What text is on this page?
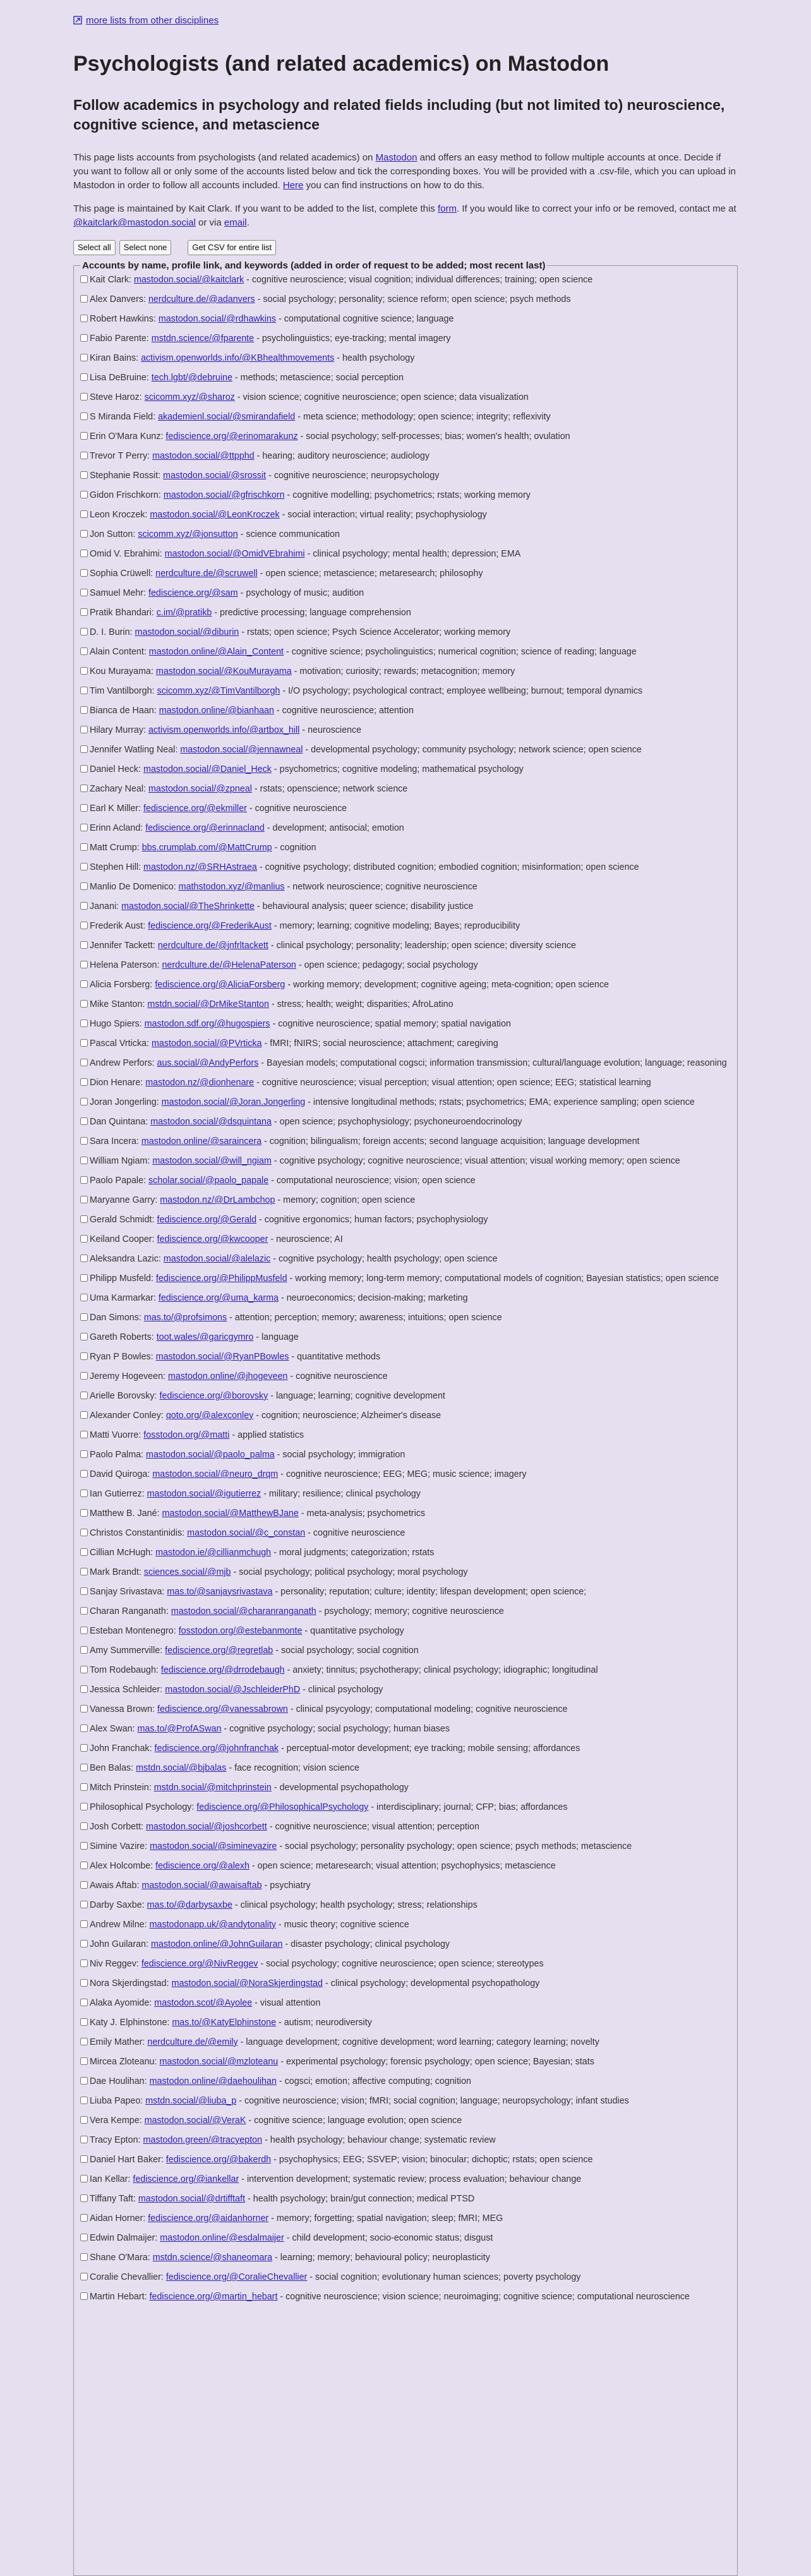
more lists from other disciplines
Psychologists (and related academics) on Mastodon
Follow academics in psychology and related fields including (but not limited to) neuroscience, cognitive science, and metascience

This page lists accounts from psychologists (and related academics) on Mastodon and offers an easy method to follow multiple accounts at once. Decide if you want to follow all or only some of the accounts listed below and tick the corresponding boxes. You will be provided with a .csv-file, which you can upload in Mastodon in order to follow all accounts included. Here you can find instructions on how to do this.

This page is maintained by Kait Clark. If you want to be added to the list, complete this form. If you would like to correct your info or be removed, contact me at @kaitclark@mastodon.social or via email.

Select all	Select none	Get CSV for entire list
Accounts by name, profile link, and keywords (added in order of request to be added; most recent last)
Kait Clark: mastodon.social/@kaitclark - cognitive neuroscience; visual cognition; individual differences; training; open science
Alex Danvers: nerdculture.de/@adanvers - social psychology; personality; science reform; open science; psych methods
Robert Hawkins: mastodon.social/@rdhawkins - computational cognitive science; language
Fabio Parente: mstdn.science/@fparente - psycholinguistics; eye-tracking; mental imagery
Kiran Bains: activism.openworlds.info/@KBhealthmovements - health psychology
Lisa DeBruine: tech.lgbt/@debruine - methods; metascience; social perception
Steve Haroz: scicomm.xyz/@sharoz - vision science; cognitive neuroscience; open science; data visualization
S Miranda Field: akademienl.social/@smirandafield - meta science; methodology; open science; integrity; reflexivity
Erin O'Mara Kunz: fediscience.org/@erinomarakunz - social psychology; self-processes; bias; women's health; ovulation
Trevor T Perry: mastodon.social/@ttpphd - hearing; auditory neuroscience; audiology
Stephanie Rossit: mastodon.social/@srossit - cognitive neuroscience; neuropsychology
Gidon Frischkorn: mastodon.social/@gfrischkorn - cognitive modelling; psychometrics; rstats; working memory
Leon Kroczek: mastodon.social/@LeonKroczek - social interaction; virtual reality; psychophysiology
Jon Sutton: scicomm.xyz/@jonsutton - science communication
Omid V. Ebrahimi: mastodon.social/@OmidVEbrahimi - clinical psychology; mental health; depression; EMA
Sophia Crüwell: nerdculture.de/@scruwell - open science; metascience; metaresearch; philosophy
Samuel Mehr: fediscience.org/@sam - psychology of music; audition
Pratik Bhandari: c.im/@pratikb - predictive processing; language comprehension
D. I. Burin: mastodon.social/@diburin - rstats; open science; Psych Science Accelerator; working memory
Alain Content: mastodon.online/@Alain_Content - cognitive science; psycholinguistics; numerical cognition; science of reading; language
Kou Murayama: mastodon.social/@KouMurayama - motivation; curiosity; rewards; metacognition; memory
Tim Vantilborgh: scicomm.xyz/@TimVantilborgh - I/O psychology; psychological contract; employee wellbeing; burnout; temporal dynamics
Bianca de Haan: mastodon.online/@bianhaan - cognitive neuroscience; attention
Hilary Murray: activism.openworlds.info/@artbox_hill - neuroscience
Jennifer Watling Neal: mastodon.social/@jennawneal - developmental psychology; community psychology; network science; open science
Daniel Heck: mastodon.social/@Daniel_Heck - psychometrics; cognitive modeling; mathematical psychology
Zachary Neal: mastodon.social/@zpneal - rstats; openscience; network science
Earl K Miller: fediscience.org/@ekmiller - cognitive neuroscience
Erinn Acland: fediscience.org/@erinnacland - development; antisocial; emotion
Matt Crump: bbs.crumplab.com/@MattCrump - cognition
Stephen Hill: mastodon.nz/@SRHAstraea - cognitive psychology; distributed cognition; embodied cognition; misinformation; open science
Manlio De Domenico: mathstodon.xyz/@manlius - network neuroscience; cognitive neuroscience
Janani: mastodon.social/@TheShrinkette - behavioural analysis; queer science; disability justice
Frederik Aust: fediscience.org/@FrederikAust - memory; learning; cognitive modeling; Bayes; reproducibility
Jennifer Tackett: nerdculture.de/@jnfrltackett - clinical psychology; personality; leadership; open science; diversity science
Helena Paterson: nerdculture.de/@HelenaPaterson - open science; pedagogy; social psychology
Alicia Forsberg: fediscience.org/@AliciaForsberg - working memory; development; cognitive ageing; meta-cognition; open science
Mike Stanton: mstdn.social/@DrMikeStanton - stress; health; weight; disparities; AfroLatino
Hugo Spiers: mastodon.sdf.org/@hugospiers - cognitive neuroscience; spatial memory; spatial navigation
Pascal Vrticka: mastodon.social/@PVrticka - fMRI; fNIRS; social neuroscience; attachment; caregiving
Andrew Perfors: aus.social/@AndyPerfors - Bayesian models; computational cogsci; information transmission; cultural/language evolution; language; reasoning
Dion Henare: mastodon.nz/@dionhenare - cognitive neuroscience; visual perception; visual attention; open science; EEG; statistical learning
Joran Jongerling: mastodon.social/@Joran.Jongerling - intensive longitudinal methods; rstats; psychometrics; EMA; experience sampling; open science
Dan Quintana: mastodon.social/@dsquintana - open science; psychophysiology; psychoneuroendocrinology
Sara Incera: mastodon.online/@saraincera - cognition; bilingualism; foreign accents; second language acquisition; language development
William Ngiam: mastodon.social/@will_ngiam - cognitive psychology; cognitive neuroscience; visual attention; visual working memory; open science
Paolo Papale: scholar.social/@paolo_papale - computational neuroscience; vision; open science
Maryanne Garry: mastodon.nz/@DrLambchop - memory; cognition; open science
Gerald Schmidt: fediscience.org/@Gerald - cognitive ergonomics; human factors; psychophysiology
Keiland Cooper: fediscience.org/@kwcooper - neuroscience; AI
Aleksandra Lazic: mastodon.social/@alelazic - cognitive psychology; health psychology; open science
Philipp Musfeld: fediscience.org/@PhilippMusfeld - working memory; long-term memory; computational models of cognition; Bayesian statistics; open science
Uma Karmarkar: fediscience.org/@uma_karma - neuroeconomics; decision-making; marketing
Dan Simons: mas.to/@profsimons - attention; perception; memory; awareness; intuitions; open science
Gareth Roberts: toot.wales/@garicgymro - language
Ryan P Bowles: mastodon.social/@RyanPBowles - quantitative methods
Jeremy Hogeveen: mastodon.online/@jhogeveen - cognitive neuroscience
Arielle Borovsky: fediscience.org/@borovsky - language; learning; cognitive development
Alexander Conley: qoto.org/@alexconley - cognition; neuroscience; Alzheimer's disease
Matti Vuorre: fosstodon.org/@matti - applied statistics
Paolo Palma: mastodon.social/@paolo_palma - social psychology; immigration
David Quiroga: mastodon.social/@neuro_drqm - cognitive neuroscience; EEG; MEG; music science; imagery
Ian Gutierrez: mastodon.social/@igutierrez - military; resilience; clinical psychology
Matthew B. Jané: mastodon.social/@MatthewBJane - meta-analysis; psychometrics
Christos Constantinidis: mastodon.social/@c_constan - cognitive neuroscience
Cillian McHugh: mastodon.ie/@cillianmchugh - moral judgments; categorization; rstats
Mark Brandt: sciences.social/@mjb - social psychology; political psychology; moral psychology
Sanjay Srivastava: mas.to/@sanjaysrivastava - personality; reputation; culture; identity; lifespan development; open science;
Charan Ranganath: mastodon.social/@charanranganath - psychology; memory; cognitive neuroscience
Esteban Montenegro: fosstodon.org/@estebanmonte - quantitative psychology
Amy Summerville: fediscience.org/@regretlab - social psychology; social cognition
Tom Rodebaugh: fediscience.org/@drrodebaugh - anxiety; tinnitus; psychotherapy; clinical psychology; idiographic; longitudinal
Jessica Schleider: mastodon.social/@JschleiderPhD - clinical psychology
Vanessa Brown: fediscience.org/@vanessabrown - clinical psycyology; computational modeling; cognitive neuroscience
Alex Swan: mas.to/@ProfASwan - cognitive psychology; social psychology; human biases
John Franchak: fediscience.org/@johnfranchak - perceptual-motor development; eye tracking; mobile sensing; affordances
Ben Balas: mstdn.social/@bjbalas - face recognition; vision science
Mitch Prinstein: mstdn.social/@mitchprinstein - developmental psychopathology
Philosophical Psychology: fediscience.org/@PhilosophicalPsychology - interdisciplinary; journal; CFP; bias; affordances
Josh Corbett: mastodon.social/@joshcorbett - cognitive neuroscience; visual attention; perception
Simine Vazire: mastodon.social/@siminevazire - social psychology; personality psychology; open science; psych methods; metascience
Alex Holcombe: fediscience.org/@alexh - open science; metaresearch; visual attention; psychophysics; metascience
Awais Aftab: mastodon.social/@awaisaftab - psychiatry
Darby Saxbe: mas.to/@darbysaxbe - clinical psychology; health psychology; stress; relationships
Andrew Milne: mastodonapp.uk/@andytonality - music theory; cognitive science
John Guilaran: mastodon.online/@JohnGuilaran - disaster psychology; clinical psychology
Niv Reggev: fediscience.org/@NivReggev - social psychology; cognitive neuroscience; open science; stereotypes
Nora Skjerdingstad: mastodon.social/@NoraSkjerdingstad - clinical psychology; developmental psychopathology
Alaka Ayomide: mastodon.scot/@Ayolee - visual attention
Katy J. Elphinstone: mas.to/@KatyElphinstone - autism; neurodiversity
Emily Mather: nerdculture.de/@emily - language development; cognitive development; word learning; category learning; novelty
Mircea Zloteanu: mastodon.social/@mzloteanu - experimental psychology; forensic psychology; open science; Bayesian; stats
Dae Houlihan: mastodon.online/@daehoulihan - cogsci; emotion; affective computing; cognition
Liuba Papeo: mstdn.social/@liuba_p - cognitive neuroscience; vision; fMRI; social cognition; language; neuropsychology; infant studies
Vera Kempe: mastodon.social/@VeraK - cognitive science; language evolution; open science
Tracy Epton: mastodon.green/@tracyepton - health psychology; behaviour change; systematic review
Daniel Hart Baker: fediscience.org/@bakerdh - psychophysics; EEG; SSVEP; vision; binocular; dichoptic; rstats; open science
Ian Kellar: fediscience.org/@iankellar - intervention development; systematic review; process evaluation; behaviour change
Tiffany Taft: mastodon.social/@drtifftaft - health psychology; brain/gut connection; medical PTSD
Aidan Horner: fediscience.org/@aidanhorner - memory; forgetting; spatial navigation; sleep; fMRI; MEG
Edwin Dalmaijer: mastodon.online/@esdalmaijer - child development; socio-economic status; disgust
Shane O'Mara: mstdn.science/@shaneomara - learning; memory; behavioural policy; neuroplasticity
Coralie Chevallier: fediscience.org/@CoralieChevallier - social cognition; evolutionary human sciences; poverty psychology
Martin Hebart: fediscience.org/@martin_hebart - cognitive neuroscience; vision science; neuroimaging; cognitive science; computational neuroscience
